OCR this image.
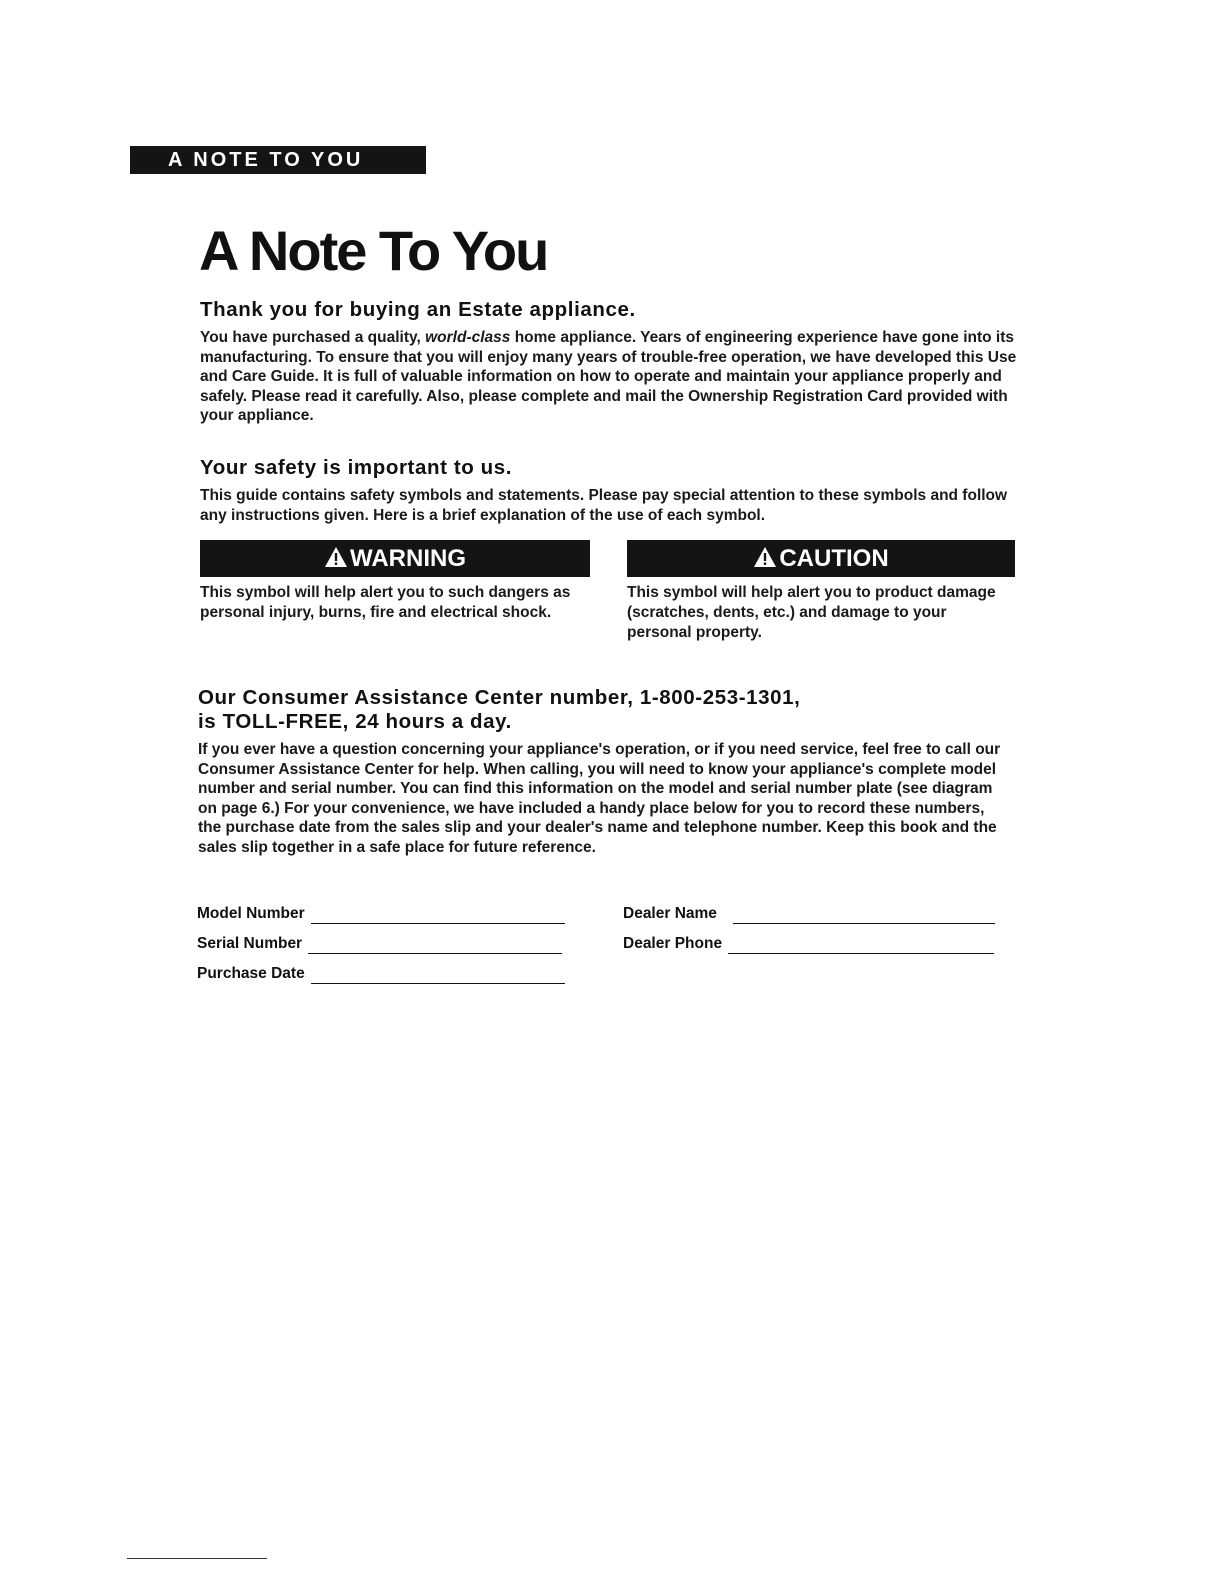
A NOTE TO YOU
A Note To You
Thank you for buying an Estate appliance.

You have purchased a quality, world-class home appliance. Years of engineering experience have gone into its manufacturing. To ensure that you will enjoy many years of trouble-free operation, we have developed this Use and Care Guide. It is full of valuable information on how to operate and maintain your appliance properly and safely. Please read it carefully. Also, please complete and mail the Ownership Registration Card provided with your appliance.

Your safety is important to us.

This guide contains safety symbols and statements. Please pay special attention to these symbols and follow any instructions given. Here is a brief explanation of the use of each symbol.

WARNING

This symbol will help alert you to such dangers as personal injury, burns, fire and electrical shock.

CAUTION

This symbol will help alert you to product damage (scratches, dents, etc.) and damage to your personal property.

Our Consumer Assistance Center number, 1-800-253-1301,
is TOLL-FREE, 24 hours a day.

If you ever have a question concerning your appliance's operation, or if you need service, feel free to call our Consumer Assistance Center for help. When calling, you will need to know your appliance's complete model number and serial number. You can find this information on the model and serial number plate (see diagram on page 6.) For your convenience, we have included a handy place below for you to record these numbers, the purchase date from the sales slip and your dealer's name and telephone number. Keep this book and the sales slip together in a safe place for future reference.

Model Number
Serial Number
Purchase Date
Dealer Name
Dealer Phone
